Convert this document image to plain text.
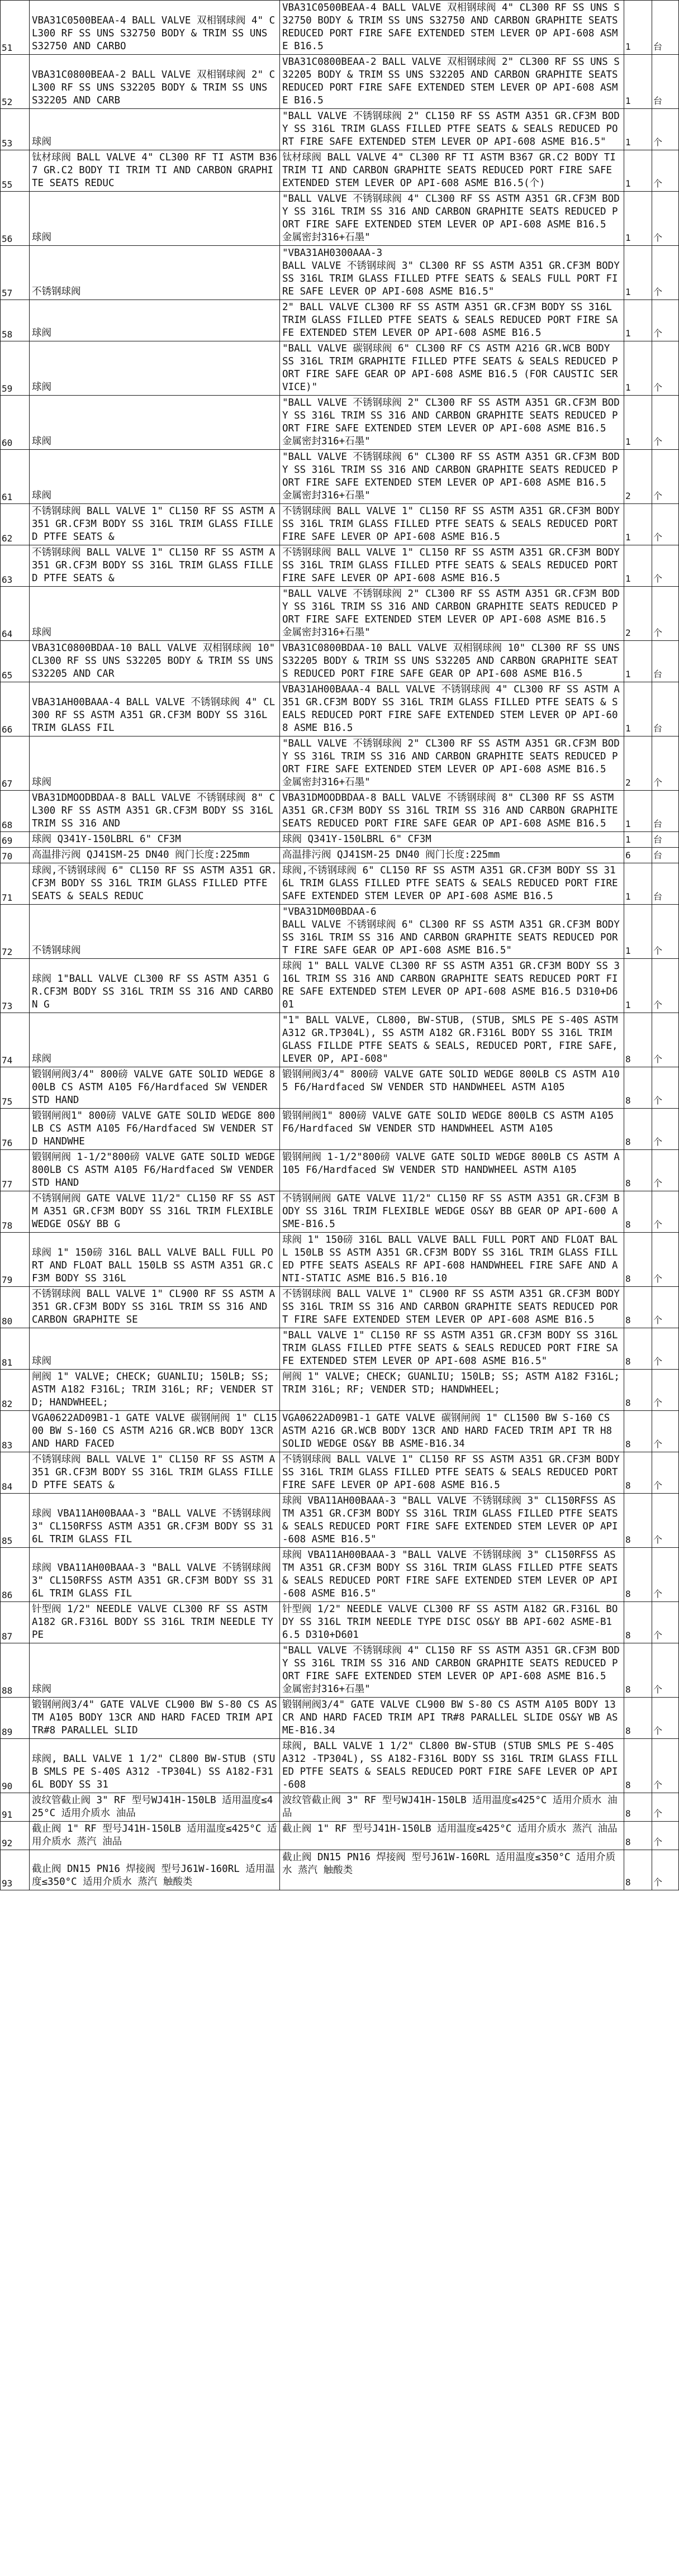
51	VBA31C0500BEAA-4 BALL VALVE 双相钢球阀 4" CL300 RF SS UNS S32750 BODY & TRIM SS UNS S32750 AND CARBO	VBA31C0500BEAA-4 BALL VALVE 双相钢球阀 4" CL300 RF SS UNS S32750 BODY & TRIM SS UNS S32750 AND CARBON GRAPHITE SEATS REDUCED PORT FIRE SAFE EXTENDED STEM LEVER OP API-608 ASME B16.5	1	台
52	VBA31C0800BEAA-2 BALL VALVE 双相钢球阀 2" CL300 RF SS UNS S32205 BODY & TRIM SS UNS S32205 AND CARB	VBA31C0800BEAA-2 BALL VALVE 双相钢球阀 2" CL300 RF SS UNS S32205 BODY & TRIM SS UNS S32205 AND CARBON GRAPHITE SEATS REDUCED PORT FIRE SAFE EXTENDED STEM LEVER OP API-608 ASME B16.5	1	台
53	球阀	"BALL VALVE 不锈钢球阀 2" CL150 RF SS ASTM A351 GR.CF3M BODY SS 316L TRIM GLASS FILLED PTFE SEATS & SEALS REDUCED PORT FIRE SAFE EXTENDED STEM LEVER OP API-608 ASME B16.5"	1	个
55	钛材球阀 BALL VALVE 4" CL300 RF TI ASTM B367 GR.C2 BODY TI TRIM TI AND CARBON GRAPHITE SEATS REDUC	钛材球阀 BALL VALVE 4" CL300 RF TI ASTM B367 GR.C2 BODY TI TRIM TI AND CARBON GRAPHITE SEATS REDUCED PORT FIRE SAFE EXTENDED STEM LEVER OP API-608 ASME B16.5(个)	1	个
56	球阀	"BALL VALVE 不锈钢球阀 4" CL300 RF SS ASTM A351 GR.CF3M BODY SS 316L TRIM SS 316 AND CARBON GRAPHITE SEATS REDUCED PORT FIRE SAFE EXTENDED STEM LEVER OP API-608 ASME B16.5 金属密封316+石墨"	1	个
57	不锈钢球阀	"VBA31AH0300AAA-3
BALL VALVE 不锈钢球阀 3" CL300 RF SS ASTM A351 GR.CF3M BODY SS 316L TRIM GLASS FILLED PTFE SEATS & SEALS FULL PORT FIRE SAFE LEVER OP API-608 ASME B16.5"	1	个
58	球阀	2" BALL VALVE CL300 RF SS ASTM A351 GR.CF3M BODY SS 316L TRIM GLASS FILLED PTFE SEATS & SEALS REDUCED PORT FIRE SAFE EXTENDED STEM LEVER OP API-608 ASME B16.5	1	个
59	球阀	"BALL VALVE 碳钢球阀 6" CL300 RF CS ASTM A216 GR.WCB BODY SS 316L TRIM GRAPHITE FILLED PTFE SEATS & SEALS REDUCED PORT FIRE SAFE GEAR OP API-608 ASME B16.5 (FOR CAUSTIC SERVICE)"	1	个
60	球阀	"BALL VALVE 不锈钢球阀 2" CL300 RF SS ASTM A351 GR.CF3M BODY SS 316L TRIM SS 316 AND CARBON GRAPHITE SEATS REDUCED PORT FIRE SAFE EXTENDED STEM LEVER OP API-608 ASME B16.5 金属密封316+石墨"	1	个
61	球阀	"BALL VALVE 不锈钢球阀 6" CL300 RF SS ASTM A351 GR.CF3M BODY SS 316L TRIM SS 316 AND CARBON GRAPHITE SEATS REDUCED PORT FIRE SAFE EXTENDED STEM LEVER OP API-608 ASME B16.5 金属密封316+石墨"	2	个
62	不锈钢球阀 BALL VALVE 1" CL150 RF SS ASTM A351 GR.CF3M BODY SS 316L TRIM GLASS FILLED PTFE SEATS &	不锈钢球阀 BALL VALVE 1" CL150 RF SS ASTM A351 GR.CF3M BODY SS 316L TRIM GLASS FILLED PTFE SEATS & SEALS REDUCED PORT FIRE SAFE LEVER OP API-608 ASME B16.5	1	个
63	不锈钢球阀 BALL VALVE 1" CL150 RF SS ASTM A351 GR.CF3M BODY SS 316L TRIM GLASS FILLED PTFE SEATS &	不锈钢球阀 BALL VALVE 1" CL150 RF SS ASTM A351 GR.CF3M BODY SS 316L TRIM GLASS FILLED PTFE SEATS & SEALS REDUCED PORT FIRE SAFE LEVER OP API-608 ASME B16.5	1	个
64	球阀	"BALL VALVE 不锈钢球阀 2" CL300 RF SS ASTM A351 GR.CF3M BODY SS 316L TRIM SS 316 AND CARBON GRAPHITE SEATS REDUCED PORT FIRE SAFE EXTENDED STEM LEVER OP API-608 ASME B16.5 金属密封316+石墨"	2	个
65	VBA31C0800BDAA-10 BALL VALVE 双相钢球阀 10" CL300 RF SS UNS S32205 BODY & TRIM SS UNS S32205 AND CAR	VBA31C0800BDAA-10 BALL VALVE 双相钢球阀 10" CL300 RF SS UNS S32205 BODY & TRIM SS UNS S32205 AND CARBON GRAPHITE SEATS REDUCED PORT FIRE SAFE GEAR OP API-608 ASME B16.5	1	台
66	VBA31AH00BAAA-4 BALL VALVE 不锈钢球阀 4" CL300 RF SS ASTM A351 GR.CF3M BODY SS 316L TRIM GLASS FIL	VBA31AH00BAAA-4 BALL VALVE 不锈钢球阀 4" CL300 RF SS ASTM A351 GR.CF3M BODY SS 316L TRIM GLASS FILLED PTFE SEATS & SEALS REDUCED PORT FIRE SAFE EXTENDED STEM LEVER OP API-608 ASME B16.5	1	台
67	球阀	"BALL VALVE 不锈钢球阀 2" CL300 RF SS ASTM A351 GR.CF3M BODY SS 316L TRIM SS 316 AND CARBON GRAPHITE SEATS REDUCED PORT FIRE SAFE EXTENDED STEM LEVER OP API-608 ASME B16.5 金属密封316+石墨"	2	个
68	VBA31DMOODBDAA-8 BALL VALVE 不锈钢球阀 8" CL300 RF SS ASTM A351 GR.CF3M BODY SS 316L TRIM SS 316 AND	VBA31DMOODBDAA-8 BALL VALVE 不锈钢球阀 8" CL300 RF SS ASTM A351 GR.CF3M BODY SS 316L TRIM SS 316 AND CARBON GRAPHITE SEATS REDUCED PORT FIRE SAFE GEAR OP API-608 ASME B16.5	1	台
69	球阀 Q341Y-150LBRL 6" CF3M	球阀 Q341Y-150LBRL 6" CF3M	1	台
70	高温排污阀 QJ41SM-25 DN40 阀门长度:225mm	高温排污阀 QJ41SM-25 DN40 阀门长度:225mm	6	台
71	球阀,不锈钢球阀 6" CL150 RF SS ASTM A351 GR.CF3M BODY SS 316L TRIM GLASS FILLED PTFE SEATS & SEALS REDUC	球阀,不锈钢球阀 6" CL150 RF SS ASTM A351 GR.CF3M BODY SS 316L TRIM GLASS FILLED PTFE SEATS & SEALS REDUCED PORT FIRE SAFE EXTENDED STEM LEVER OP API-608 ASME B16.5	1	台
72	不锈钢球阀	"VBA31DM00BDAA-6
BALL VALVE 不锈钢球阀 6" CL300 RF SS ASTM A351 GR.CF3M BODY SS 316L TRIM SS 316 AND CARBON GRAPHITE SEATS REDUCED PORT FIRE SAFE GEAR OP API-608 ASME B16.5"	1	个
73	球阀 1"BALL VALVE CL300 RF SS ASTM A351 GR.CF3M BODY SS 316L TRIM SS 316 AND CARBON G	球阀 1" BALL VALVE CL300 RF SS ASTM A351 GR.CF3M BODY SS 316L TRIM SS 316 AND CARBON GRAPHITE SEATS REDUCED PORT FIRE SAFE EXTENDED STEM LEVER OP API-608 ASME B16.5 D310+D601	1	个
74	球阀	"1" BALL VALVE, CL800, BW-STUB, (STUB, SMLS PE S-40S ASTM A312 GR.TP304L), SS ASTM A182 GR.F316L BODY SS 316L TRIM GLASS FILLDE PTFE SEATS & SEALS, REDUCED PORT, FIRE SAFE, LEVER OP, API-608"	8	个
75	锻钢闸阀3/4" 800磅 VALVE GATE SOLID WEDGE 800LB CS ASTM A105 F6/Hardfaced SW VENDER STD HAND	锻钢闸阀3/4" 800磅 VALVE GATE SOLID WEDGE 800LB CS ASTM A105 F6/Hardfaced SW VENDER STD HANDWHEEL ASTM A105	8	个
76	锻钢闸阀1" 800磅 VALVE GATE SOLID WEDGE 800LB CS ASTM A105 F6/Hardfaced SW VENDER STD HANDWHE	锻钢闸阀1" 800磅 VALVE GATE SOLID WEDGE 800LB CS ASTM A105 F6/Hardfaced SW VENDER STD HANDWHEEL ASTM A105	8	个
77	锻钢闸阀 1-1/2"800磅 VALVE GATE SOLID WEDGE 800LB CS ASTM A105 F6/Hardfaced SW VENDER STD HAND	锻钢闸阀 1-1/2"800磅 VALVE GATE SOLID WEDGE 800LB CS ASTM A105 F6/Hardfaced SW VENDER STD HANDWHEEL ASTM A105	8	个
78	不锈钢闸阀 GATE VALVE 11/2" CL150 RF SS ASTM A351 GR.CF3M BODY SS 316L TRIM FLEXIBLE WEDGE OS&Y BB G	不锈钢闸阀 GATE VALVE 11/2" CL150 RF SS ASTM A351 GR.CF3M BODY SS 316L TRIM FLEXIBLE WEDGE OS&Y BB GEAR OP API-600 ASME-B16.5	8	个
79	球阀 1" 150磅 316L BALL VALVE BALL FULL PORT AND FLOAT BALL 150LB SS ASTM A351 GR.CF3M BODY SS 316L	球阀 1" 150磅 316L BALL VALVE BALL FULL PORT AND FLOAT BALL 150LB SS ASTM A351 GR.CF3M BODY SS 316L TRIM GLASS FILLED PTFE SEATS ASEALS RF API-608 HANDWHEEL FIRE SAFE AND ANTI-STATIC ASME B16.5 B16.10	8	个
80	不锈钢球阀 BALL VALVE 1" CL900 RF SS ASTM A351 GR.CF3M BODY SS 316L TRIM SS 316 AND CARBON GRAPHITE SE	不锈钢球阀 BALL VALVE 1" CL900 RF SS ASTM A351 GR.CF3M BODY SS 316L TRIM SS 316 AND CARBON GRAPHITE SEATS REDUCED PORT FIRE SAFE EXTENDED STEM LEVER OP API-608 ASME B16.5	8	个
81	球阀	"BALL VALVE 1" CL150 RF SS ASTM A351 GR.CF3M BODY SS 316L TRIM GLASS FILLED PTFE SEATS & SEALS REDUCED PORT FIRE SAFE EXTENDED STEM LEVER OP API-608 ASME B16.5"	8	个
82	闸阀 1" VALVE; CHECK; GUANLIU; 150LB; SS; ASTM A182 F316L; TRIM 316L; RF; VENDER STD; HANDWHEEL;	闸阀 1" VALVE; CHECK; GUANLIU; 150LB; SS; ASTM A182 F316L; TRIM 316L; RF; VENDER STD; HANDWHEEL;	8	个
83	VGA0622AD09B1-1 GATE VALVE 碳钢闸阀 1" CL1500 BW S-160 CS ASTM A216 GR.WCB BODY 13CR AND HARD FACED	VGA0622AD09B1-1 GATE VALVE 碳钢闸阀 1" CL1500 BW S-160 CS ASTM A216 GR.WCB BODY 13CR AND HARD FACED TRIM API TR H8 SOLID WEDGE OS&Y BB ASME-B16.34	8	个
84	不锈钢球阀 BALL VALVE 1" CL150 RF SS ASTM A351 GR.CF3M BODY SS 316L TRIM GLASS FILLED PTFE SEATS &	不锈钢球阀 BALL VALVE 1" CL150 RF SS ASTM A351 GR.CF3M BODY SS 316L TRIM GLASS FILLED PTFE SEATS & SEALS REDUCED PORT FIRE SAFE LEVER OP API-608 ASME B16.5	8	个
85	球阀 VBA11AH00BAAA-3 "BALL VALVE 不锈钢球阀 3" CL150RFSS ASTM A351 GR.CF3M BODY SS 316L TRIM GLASS FIL	球阀 VBA11AH00BAAA-3 "BALL VALVE 不锈钢球阀 3" CL150RFSS ASTM A351 GR.CF3M BODY SS 316L TRIM GLASS FILLED PTFE SEATS & SEALS REDUCED PORT FIRE SAFE EXTENDED STEM LEVER OP API-608 ASME B16.5"	8	个
86	球阀 VBA11AH00BAAA-3 "BALL VALVE 不锈钢球阀 3" CL150RFSS ASTM A351 GR.CF3M BODY SS 316L TRIM GLASS FIL	球阀 VBA11AH00BAAA-3 "BALL VALVE 不锈钢球阀 3" CL150RFSS ASTM A351 GR.CF3M BODY SS 316L TRIM GLASS FILLED PTFE SEATS & SEALS REDUCED PORT FIRE SAFE EXTENDED STEM LEVER OP API-608 ASME B16.5"	8	个
87	针型阀 1/2" NEEDLE VALVE CL300 RF SS ASTM A182 GR.F316L BODY SS 316L TRIM NEEDLE TYPE	针型阀 1/2" NEEDLE VALVE CL300 RF SS ASTM A182 GR.F316L BODY SS 316L TRIM NEEDLE TYPE DISC OS&Y BB API-602 ASME-B16.5 D310+D601	8	个
88	球阀	"BALL VALVE 不锈钢球阀 4" CL150 RF SS ASTM A351 GR.CF3M BODY SS 316L TRIM SS 316 AND CARBON GRAPHITE SEATS REDUCED PORT FIRE SAFE EXTENDED STEM LEVER OP API-608 ASME B16.5 金属密封316+石墨"	8	个
89	锻钢闸阀3/4" GATE VALVE CL900 BW S-80 CS ASTM A105 BODY 13CR AND HARD FACED TRIM API TR#8 PARALLEL SLID	锻钢闸阀3/4" GATE VALVE CL900 BW S-80 CS ASTM A105 BODY 13CR AND HARD FACED TRIM API TR#8 PARALLEL SLIDE OS&Y WB ASME-B16.34	8	个
90	球阀, BALL VALVE 1 1/2" CL800 BW-STUB (STUB SMLS PE S-40S A312 -TP304L) SS A182-F316L BODY SS 31	球阀, BALL VALVE 1 1/2" CL800 BW-STUB (STUB SMLS PE S-40S A312 -TP304L), SS A182-F316L BODY SS 316L TRIM GLASS FILLED PTFE SEATS & SEALS REDUCED PORT FIRE SAFE LEVER OP API-608	8	个
91	波纹管截止阀 3" RF 型号WJ41H-150LB 适用温度≤425°C 适用介质水 油品	波纹管截止阀 3" RF 型号WJ41H-150LB 适用温度≤425°C 适用介质水 油品	8	个
92	截止阀 1" RF 型号J41H-150LB 适用温度≤425°C 适用介质水 蒸汽 油品	截止阀 1" RF 型号J41H-150LB 适用温度≤425°C 适用介质水 蒸汽 油品	8	个
93	截止阀 DN15 PN16 焊接阀 型号J61W-160RL 适用温度≤350°C 适用介质水 蒸汽 触酸类	截止阀 DN15 PN16 焊接阀 型号J61W-160RL 适用温度≤350°C 适用介质水 蒸汽 触酸类	8	个
